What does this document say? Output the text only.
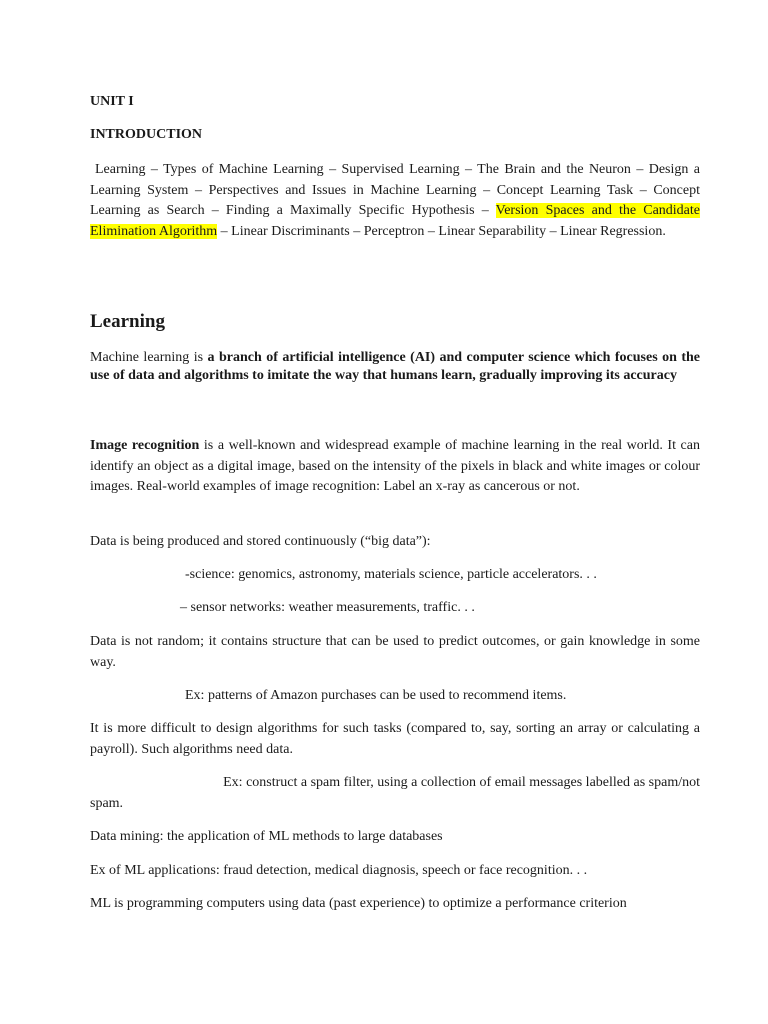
UNIT I

INTRODUCTION

Learning – Types of Machine Learning – Supervised Learning – The Brain and the Neuron – Design a Learning System – Perspectives and Issues in Machine Learning – Concept Learning Task – Concept Learning as Search – Finding a Maximally Specific Hypothesis – Version Spaces and the Candidate Elimination Algorithm – Linear Discriminants – Perceptron – Linear Separability – Linear Regression.

Learning

Machine learning is a branch of artificial intelligence (AI) and computer science which focuses on the use of data and algorithms to imitate the way that humans learn, gradually improving its accuracy

Image recognition is a well-known and widespread example of machine learning in the real world. It can identify an object as a digital image, based on the intensity of the pixels in black and white images or colour images. Real-world examples of image recognition: Label an x-ray as cancerous or not.

Data is being produced and stored continuously (“big data”):

-science: genomics, astronomy, materials science, particle accelerators. . .

– sensor networks: weather measurements, traffic. . .

Data is not random; it contains structure that can be used to predict outcomes, or gain knowledge in some way.

Ex: patterns of Amazon purchases can be used to recommend items.

It is more difficult to design algorithms for such tasks (compared to, say, sorting an array or calculating a payroll). Such algorithms need data.

Ex: construct a spam filter, using a collection of email messages labelled as spam/not

spam.

Data mining: the application of ML methods to large databases

Ex of ML applications: fraud detection, medical diagnosis, speech or face recognition. . .

ML is programming computers using data (past experience) to optimize a performance criterion
